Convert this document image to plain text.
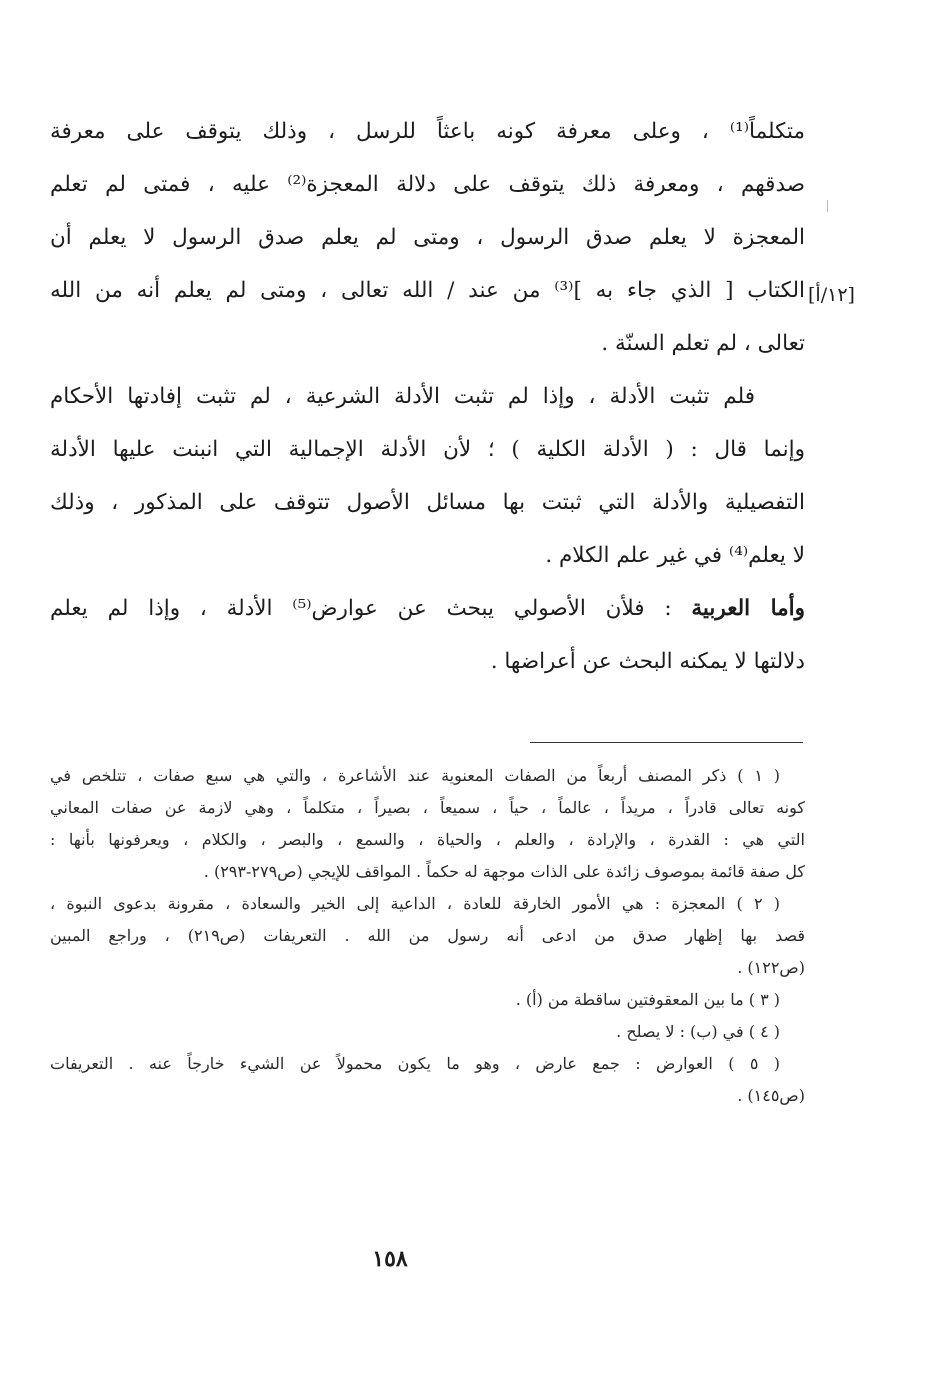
[١٢/أ]
متكلماً⁽¹⁾ ، وعلى معرفة كونه باعثاً للرسل ، وذلك يتوقف على معرفة
صدقهم ، ومعرفة ذلك يتوقف على دلالة المعجزة⁽²⁾ عليه ، فمتى لم تعلم
المعجزة لا يعلم صدق الرسول ، ومتى لم يعلم صدق الرسول لا يعلم أن
الكتاب [ الذي جاء به ]⁽³⁾ من عند / الله تعالى ، ومتى لم يعلم أنه من الله
تعالى ، لم تعلم السنّة .
فلم تثبت الأدلة ، وإذا لم تثبت الأدلة الشرعية ، لم تثبت إفادتها الأحكام
وإنما قال : ( الأدلة الكلية ) ؛ لأن الأدلة الإجمالية التي انبنت عليها الأدلة
التفصيلية والأدلة التي ثبتت بها مسائل الأصول تتوقف على المذكور ، وذلك
لا يعلم⁽⁴⁾ في غير علم الكلام .
وأما العربية : فلأن الأصولي يبحث عن عوارض⁽⁵⁾ الأدلة ، وإذا لم يعلم
دلالتها لا يمكنه البحث عن أعراضها .
( ١ ) ذكر المصنف أربعاً من الصفات المعنوية عند الأشاعرة ، والتي هي سبع صفات ، تتلخص في
كونه تعالى قادراً ، مريداً ، عالماً ، حياً ، سميعاً ، بصيراً ، متكلماً ، وهي لازمة عن صفات المعاني
التي هي : القدرة ، والإرادة ، والعلم ، والحياة ، والسمع ، والبصر ، والكلام ، ويعرفونها بأنها :
كل صفة قائمة بموصوف زائدة على الذات موجهة له حكماً . المواقف للإيجي (ص٢٧٩-٢٩٣) .
( ٢ ) المعجزة : هي الأمور الخارقة للعادة ، الداعية إلى الخير والسعادة ، مقرونة بدعوى النبوة ،
قصد بها إظهار صدق من ادعى أنه رسول من الله . التعريفات (ص٢١٩) ، وراجع المبين
(ص١٢٢) .
( ٣ ) ما بين المعقوفتين ساقطة من (أ) .
( ٤ ) في (ب) : لا يصلح .
( ٥ ) العوارض : جمع عارض ، وهو ما يكون محمولاً عن الشيء خارجاً عنه . التعريفات
(ص١٤٥) .
١٥٨
